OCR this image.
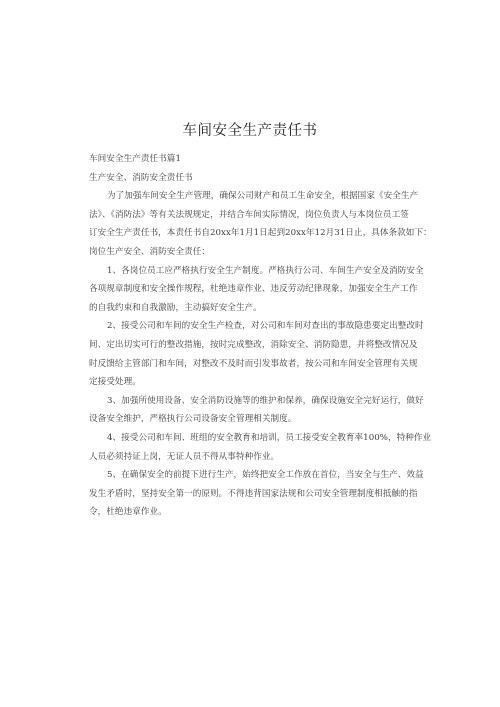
车间安全生产责任书
车间安全生产责任书篇1
生产安全、消防安全责任书
为了加强车间安全生产管理，确保公司财产和员工生命安全，根据国家《安全生产
法》、《消防法》等有关法规规定，并结合车间实际情况，岗位负责人与本岗位员工签
订安全生产责任书，本责任书自20xx年1月1日起到20xx年12月31日止，具体条款如下：
岗位生产安全、消防安全责任：
1、各岗位员工应严格执行安全生产制度。严格执行公司、车间生产安全及消防安全
各项规章制度和安全操作规程，杜绝违章作业、违反劳动纪律现象，加强安全生产工作
的自我约束和自我激励，主动搞好安全生产。
2、接受公司和车间的安全生产检查，对公司和车间对查出的事故隐患要定出整改时
间、定出切实可行的整改措施，按时完成整改，消除安全、消防隐患，并将整改情况及
时反馈给主管部门和车间，对整改不及时而引发事故者，按公司和车间安全管理有关规
定接受处理。
3、加强所使用设备、安全消防设施等的维护和保养，确保设施安全完好运行，做好
设备安全维护，严格执行公司设备安全管理相关制度。
4、接受公司和车间、班组的安全教育和培训，员工接受安全教育率100%，特种作业
人员必须持证上岗，无证人员不得从事特种作业。
5、在确保安全的前提下进行生产，始终把安全工作放在首位，当安全与生产、效益
发生矛盾时，坚持安全第一的原则。不得违背国家法规和公司安全管理制度相抵触的指
令，杜绝违章作业。
